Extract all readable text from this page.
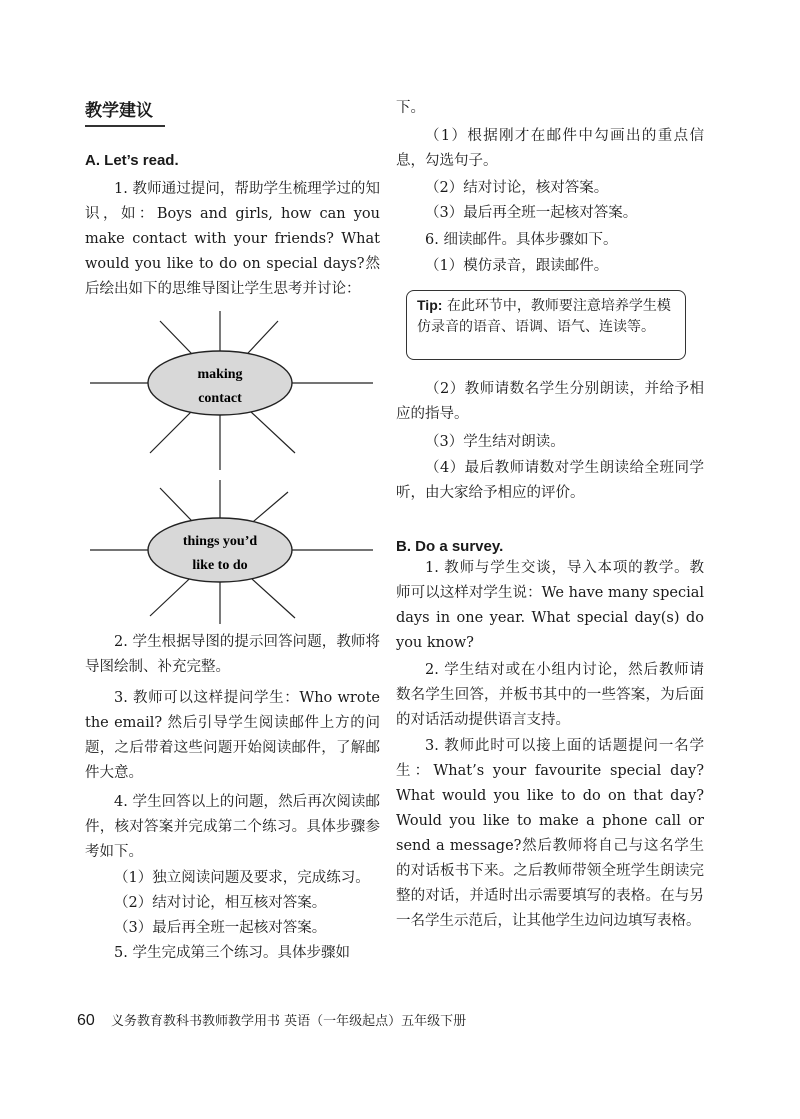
教学建议
A. Let’s read.

1. 教师通过提问，帮助学生梳理学过的知识，如：Boys and girls, how can you make contact with your friends? What would you like to do on special days?然后绘出如下的思维导图让学生思考并讨论：

making
contact
things you’d
like to do

2. 学生根据导图的提示回答问题，教师将导图绘制、补充完整。

3. 教师可以这样提问学生：Who wrote the email? 然后引导学生阅读邮件上方的问题，之后带着这些问题开始阅读邮件，了解邮件大意。

4. 学生回答以上的问题，然后再次阅读邮件，核对答案并完成第二个练习。具体步骤参考如下。

（1）独立阅读问题及要求，完成练习。

（2）结对讨论，相互核对答案。

（3）最后再全班一起核对答案。

5. 学生完成第三个练习。具体步骤如

下。

（1）根据刚才在邮件中勾画出的重点信息，勾选句子。

（2）结对讨论，核对答案。

（3）最后再全班一起核对答案。

6. 细读邮件。具体步骤如下。

（1）模仿录音，跟读邮件。

Tip: 在此环节中，教师要注意培养学生模仿录音的语音、语调、语气、连读等。

（2）教师请数名学生分别朗读，并给予相应的指导。

（3）学生结对朗读。

（4）最后教师请数对学生朗读给全班同学听，由大家给予相应的评价。

B. Do a survey.

1. 教师与学生交谈，导入本项的教学。教师可以这样对学生说：We have many special days in one year. What special day(s) do you know?

2. 学生结对或在小组内讨论，然后教师请数名学生回答，并板书其中的一些答案，为后面的对话活动提供语言支持。

3. 教师此时可以接上面的话题提问一名学生：What’s your favourite special day? What would you like to do on that day? Would you like to make a phone call or send a message?然后教师将自己与这名学生的对话板书下来。之后教师带领全班学生朗读完整的对话，并适时出示需要填写的表格。在与另一名学生示范后，让其他学生边问边填写表格。

60 义务教育教科书教师教学用书 英语（一年级起点）五年级下册
